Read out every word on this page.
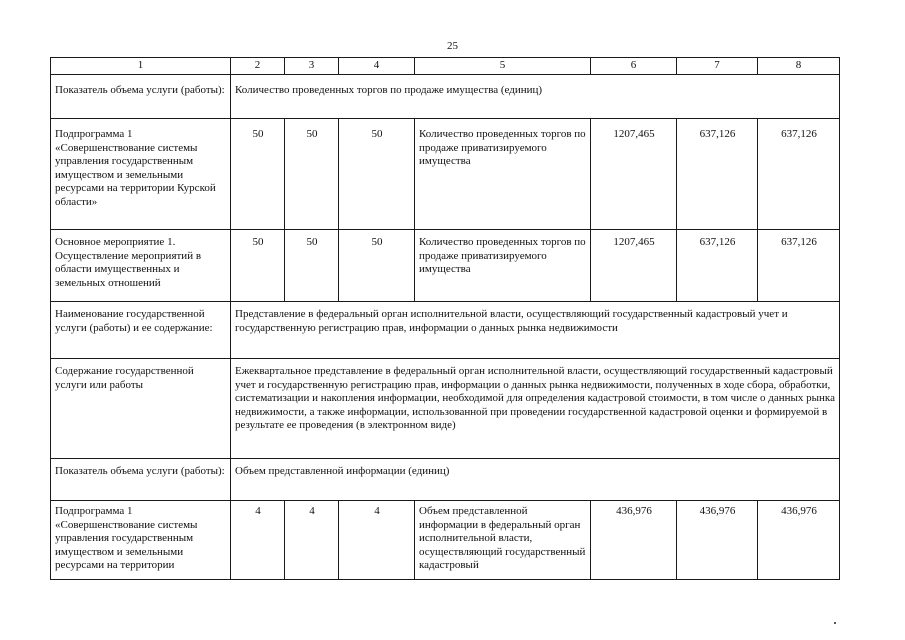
25
1	2	3	4	5	6	7	8
Показатель объема услуги (работы):	Количество проведенных торгов по продаже имущества (единиц)						
Подпрограмма 1 «Совершенствование системы управления государственным имуществом и земельными ресурсами на территории Курской области»	50	50	50	Количество проведенных торгов по продаже приватизируемого имущества	1207,465	637,126	637,126
Основное мероприятие 1. Осуществление мероприятий в области имущественных и земельных отношений	50	50	50	Количество проведенных торгов по продаже приватизируемого имущества	1207,465	637,126	637,126
Наименование государственной услуги (работы) и ее содержание:	Представление в федеральный орган исполнительной власти, осуществляющий государственный кадастровый учет и государственную регистрацию прав, информации о данных рынка недвижимости						
Содержание государственной услуги или работы	Ежеквартальное представление в федеральный орган исполнительной власти, осуществляющий государственный кадастровый учет и государственную регистрацию прав, информации о данных рынка недвижимости, полученных в ходе сбора, обработки, систематизации и накопления информации, необходимой для определения кадастровой стоимости, в том числе о данных рынка недвижимости, а также информации, использованной при проведении государственной кадастровой оценки и формируемой в результате ее проведения (в электронном виде)						
Показатель объема услуги (работы):	Объем представленной информации (единиц)						
Подпрограмма 1 «Совершенствование системы управления государственным имуществом и земельными ресурсами на территории	4	4	4	Объем представленной информации в федеральный орган исполнительной власти, осуществляющий государственный кадастровый	436,976	436,976	436,976
